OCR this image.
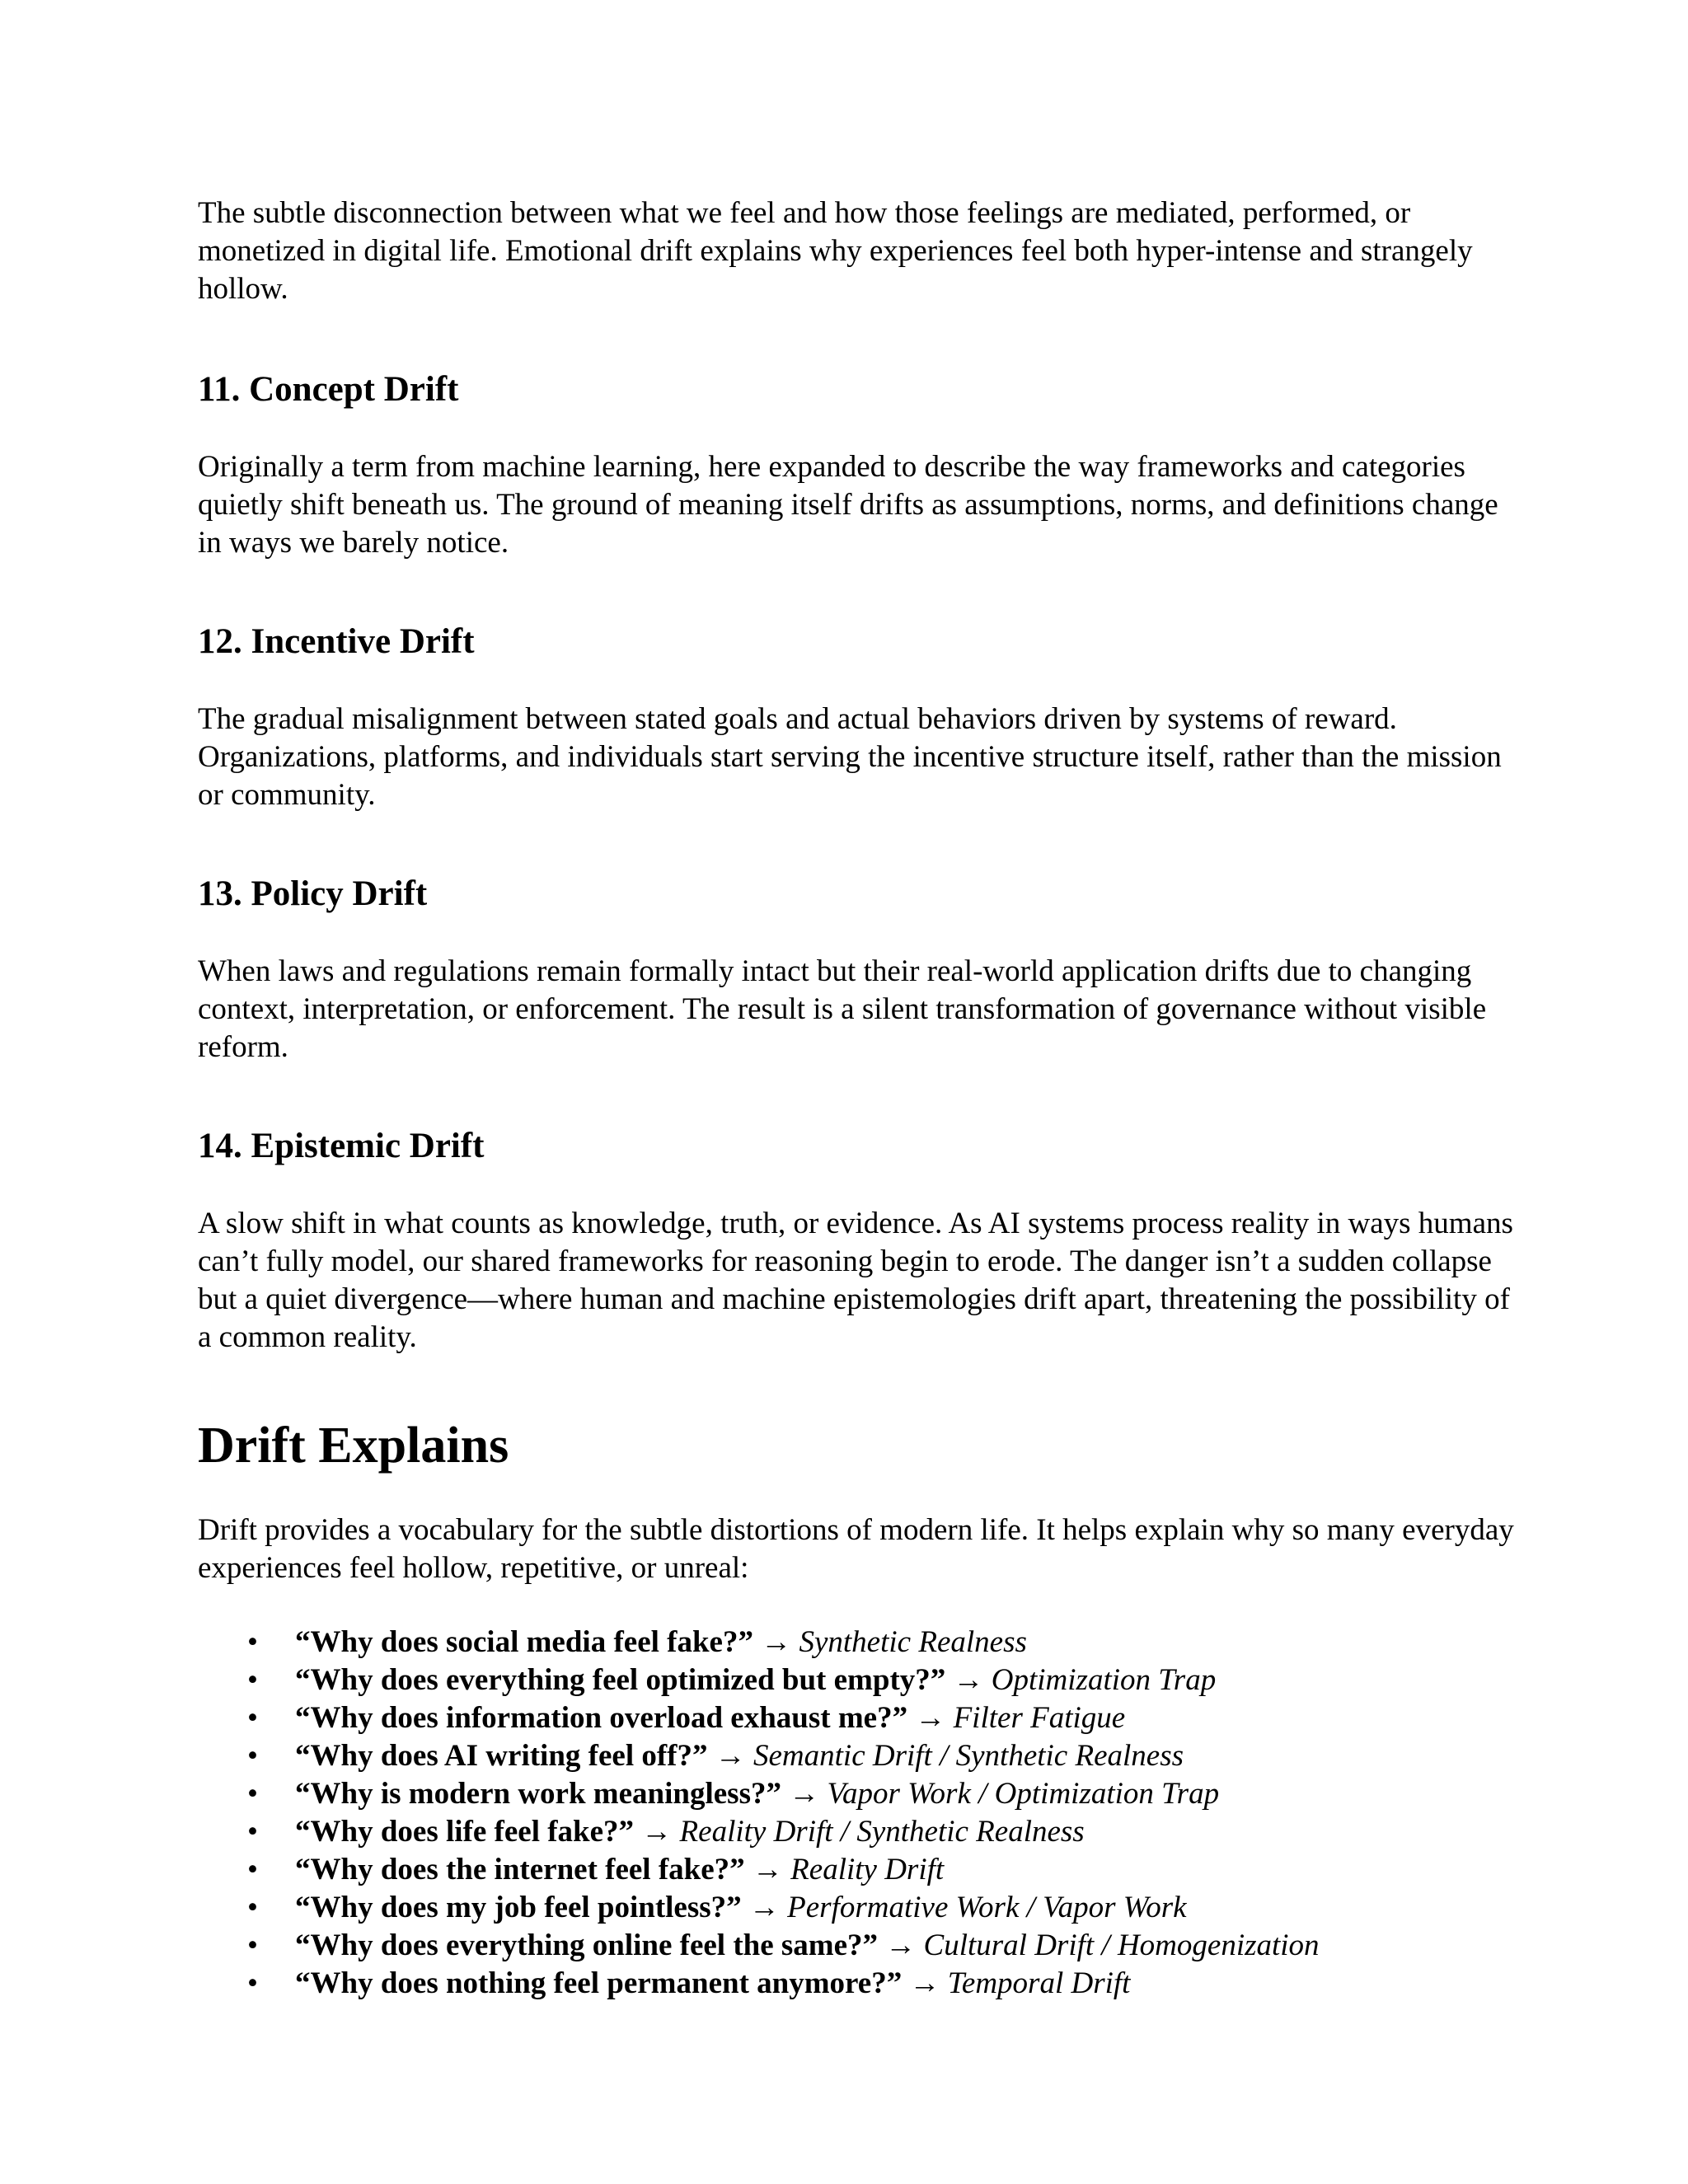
The subtle disconnection between what we feel and how those feelings are mediated, performed, or monetized in digital life. Emotional drift explains why experiences feel both hyper-intense and strangely hollow.

11. Concept Drift

Originally a term from machine learning, here expanded to describe the way frameworks and categories quietly shift beneath us. The ground of meaning itself drifts as assumptions, norms, and definitions change in ways we barely notice.

12. Incentive Drift

The gradual misalignment between stated goals and actual behaviors driven by systems of reward. Organizations, platforms, and individuals start serving the incentive structure itself, rather than the mission or community.

13. Policy Drift

When laws and regulations remain formally intact but their real-world application drifts due to changing context, interpretation, or enforcement. The result is a silent transformation of governance without visible reform.

14. Epistemic Drift

A slow shift in what counts as knowledge, truth, or evidence. As AI systems process reality in ways humans can’t fully model, our shared frameworks for reasoning begin to erode. The danger isn’t a sudden collapse but a quiet divergence—where human and machine epistemologies drift apart, threatening the possibility of a common reality.

Drift Explains

Drift provides a vocabulary for the subtle distortions of modern life. It helps explain why so many everyday experiences feel hollow, repetitive, or unreal:

• “Why does social media feel fake?” → Synthetic Realness
• “Why does everything feel optimized but empty?” → Optimization Trap
• “Why does information overload exhaust me?” → Filter Fatigue
• “Why does AI writing feel off?” → Semantic Drift / Synthetic Realness
• “Why is modern work meaningless?” → Vapor Work / Optimization Trap
• “Why does life feel fake?” → Reality Drift / Synthetic Realness
• “Why does the internet feel fake?” → Reality Drift
• “Why does my job feel pointless?” → Performative Work / Vapor Work
• “Why does everything online feel the same?” → Cultural Drift / Homogenization
• “Why does nothing feel permanent anymore?” → Temporal Drift
